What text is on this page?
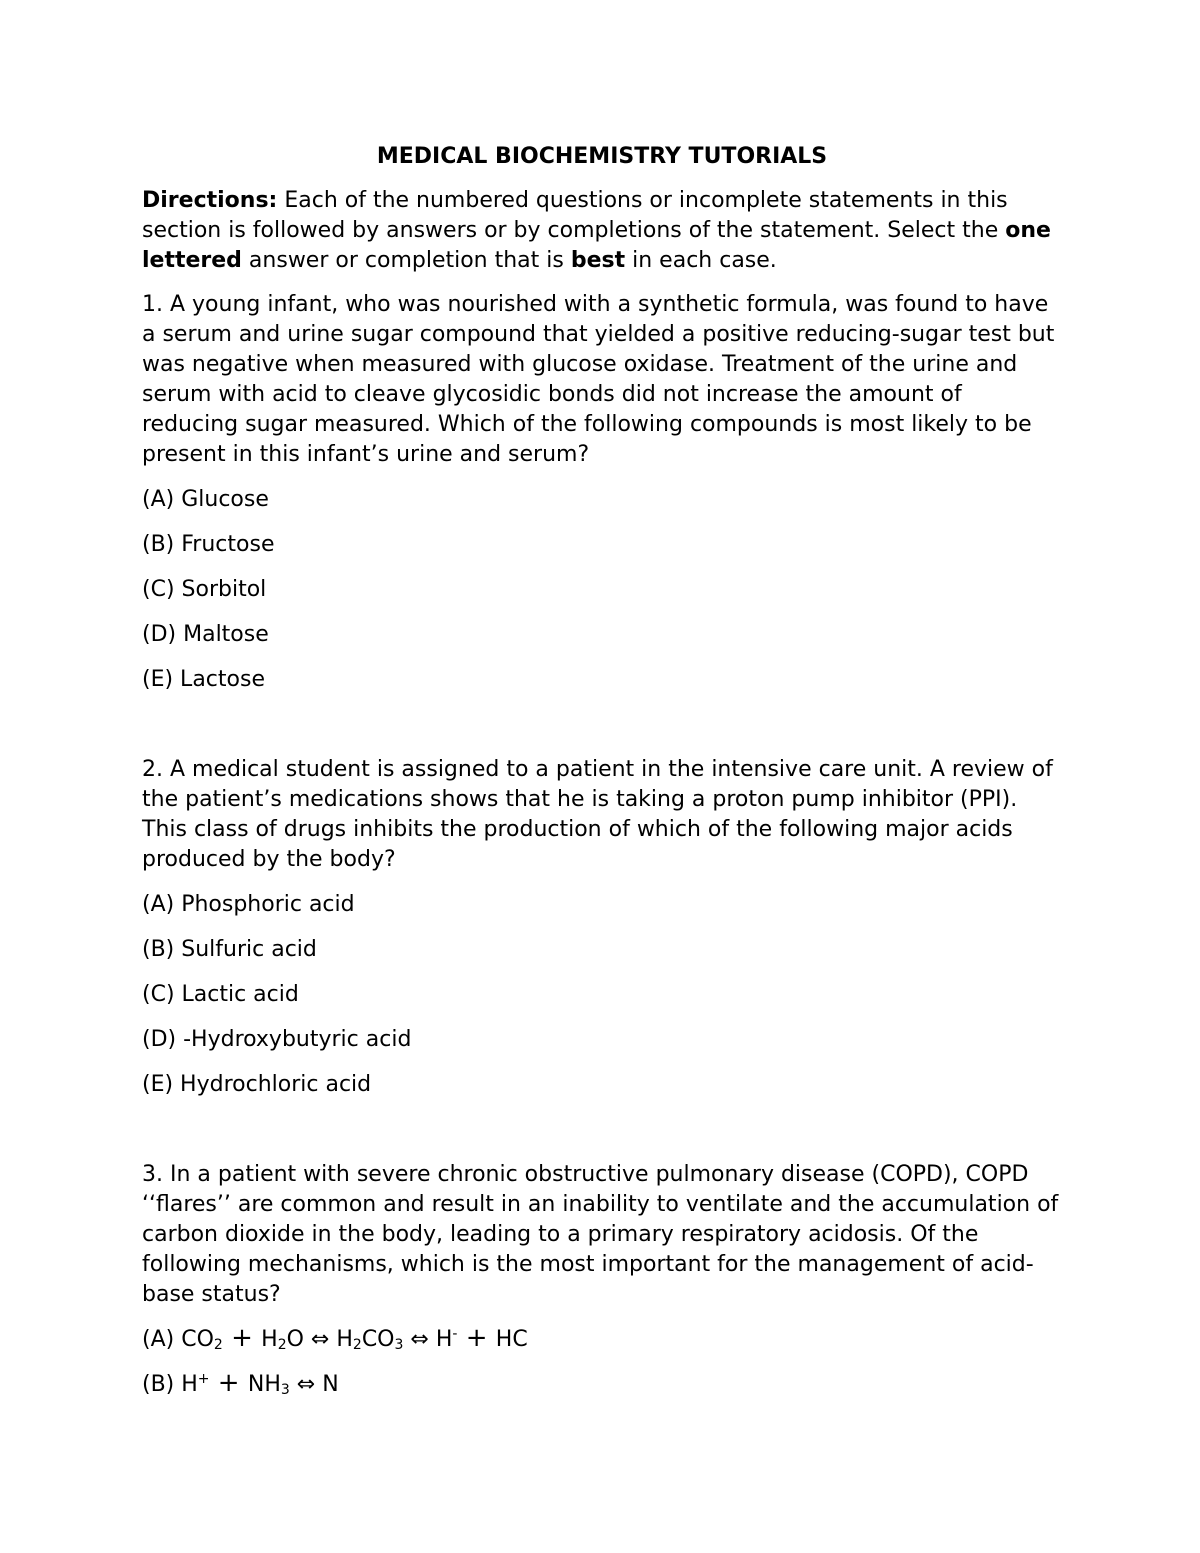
MEDICAL BIOCHEMISTRY TUTORIALS

Directions: Each of the numbered questions or incomplete statements in this section is followed by answers or by completions of the statement. Select the one lettered answer or completion that is best in each case.

1. A young infant, who was nourished with a synthetic formula, was found to have a serum and urine sugar compound that yielded a positive reducing-sugar test but was negative when measured with glucose oxidase. Treatment of the urine and serum with acid to cleave glycosidic bonds did not increase the amount of reducing sugar measured. Which of the following compounds is most likely to be present in this infant’s urine and serum?

(A) Glucose

(B) Fructose

(C) Sorbitol

(D) Maltose

(E) Lactose

2. A medical student is assigned to a patient in the intensive care unit. A review of the patient’s medications shows that he is taking a proton pump inhibitor (PPI). This class of drugs inhibits the production of which of the following major acids produced by the body?

(A) Phosphoric acid

(B) Sulfuric acid

(C) Lactic acid

(D) -Hydroxybutyric acid

(E) Hydrochloric acid

3. In a patient with severe chronic obstructive pulmonary disease (COPD), COPD ‘‘flares’’ are common and result in an inability to ventilate and the accumulation of carbon dioxide in the body, leading to a primary respiratory acidosis. Of the following mechanisms, which is the most important for the management of acid-base status?

(A) $CO_2 + H_2O$ ⇔ $H_2CO_3$ ⇔ H- + HC

(B) $H^+ + NH_3$ ⇔ N
